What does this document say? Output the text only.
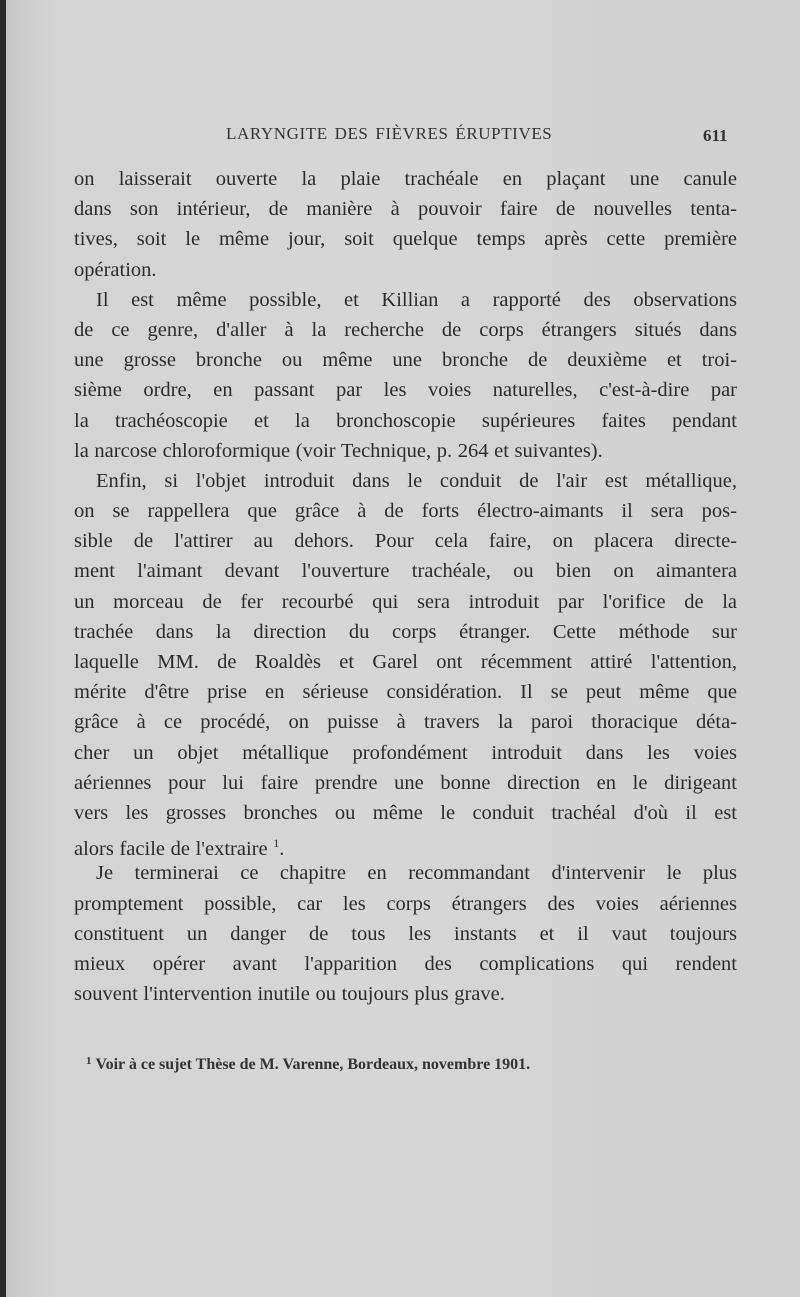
LARYNGITE DES FIÈVRES ÉRUPTIVES	611
on laisserait ouverte la plaie trachéale en plaçant une canule
dans son intérieur, de manière à pouvoir faire de nouvelles tenta-
tives, soit le même jour, soit quelque temps après cette première
opération.
Il est même possible, et Killian a rapporté des observations
de ce genre, d'aller à la recherche de corps étrangers situés dans
une grosse bronche ou même une bronche de deuxième et troi-
sième ordre, en passant par les voies naturelles, c'est-à-dire par
la trachéoscopie et la bronchoscopie supérieures faites pendant
la narcose chloroformique (voir Technique, p. 264 et suivantes).
Enfin, si l'objet introduit dans le conduit de l'air est métallique,
on se rappellera que grâce à de forts électro-aimants il sera pos-
sible de l'attirer au dehors. Pour cela faire, on placera directe-
ment l'aimant devant l'ouverture trachéale, ou bien on aimantera
un morceau de fer recourbé qui sera introduit par l'orifice de la
trachée dans la direction du corps étranger. Cette méthode sur
laquelle MM. de Roaldès et Garel ont récemment attiré l'attention,
mérite d'être prise en sérieuse considération. Il se peut même que
grâce à ce procédé, on puisse à travers la paroi thoracique déta-
cher un objet métallique profondément introduit dans les voies
aériennes pour lui faire prendre une bonne direction en le dirigeant
vers les grosses bronches ou même le conduit trachéal d'où il est
alors facile de l'extraire $^1$.
Je terminerai ce chapitre en recommandant d'intervenir le plus
promptement possible, car les corps étrangers des voies aériennes
constituent un danger de tous les instants et il vaut toujours
mieux opérer avant l'apparition des complications qui rendent
souvent l'intervention inutile ou toujours plus grave.
$^1$ Voir à ce sujet Thèse de M. Varenne, Bordeaux, novembre 1901.
